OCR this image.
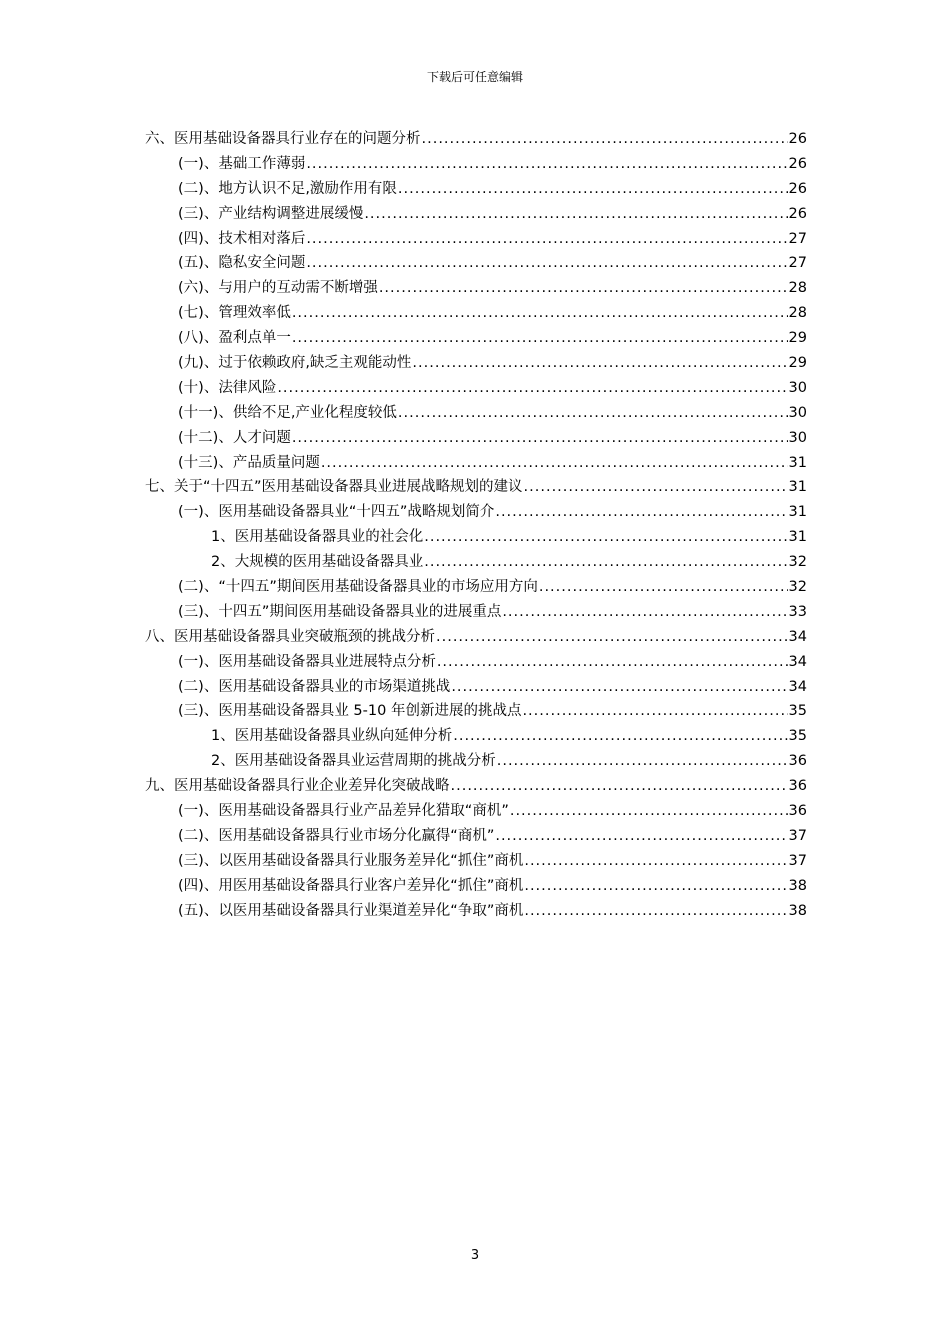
下载后可任意编辑
六、医用基础设备器具行业存在的问题分析 .....	26
(一)、基础工作薄弱 .....	26
(二)、地方认识不足,激励作用有限 .....	26
(三)、产业结构调整进展缓慢 .....	26
(四)、技术相对落后 .....	27
(五)、隐私安全问题 .....	27
(六)、与用户的互动需不断增强 .....	28
(七)、管理效率低 .....	28
(八)、盈利点单一 .....	29
(九)、过于依赖政府,缺乏主观能动性 .....	29
(十)、法律风险 .....	30
(十一)、供给不足,产业化程度较低 .....	30
(十二)、人才问题 .....	30
(十三)、产品质量问题 .....	31
七、关于“十四五”医用基础设备器具业进展战略规划的建议 .....	31
(一)、医用基础设备器具业“十四五”战略规划简介 .....	31
1、医用基础设备器具业的社会化 .....	31
2、大规模的医用基础设备器具业 .....	32
(二)、“十四五”期间医用基础设备器具业的市场应用方向 .....	32
(三)、十四五”期间医用基础设备器具业的进展重点 .....	33
八、医用基础设备器具业突破瓶颈的挑战分析 .....	34
(一)、医用基础设备器具业进展特点分析 .....	34
(二)、医用基础设备器具业的市场渠道挑战 .....	34
(三)、医用基础设备器具业 5-10 年创新进展的挑战点 .....	35
1、医用基础设备器具业纵向延伸分析 .....	35
2、医用基础设备器具业运营周期的挑战分析 .....	36
九、医用基础设备器具行业企业差异化突破战略 .....	36
(一)、医用基础设备器具行业产品差异化猎取“商机” .....	36
(二)、医用基础设备器具行业市场分化赢得“商机” .....	37
(三)、以医用基础设备器具行业服务差异化“抓住”商机 .....	37
(四)、用医用基础设备器具行业客户差异化“抓住”商机 .....	38
(五)、以医用基础设备器具行业渠道差异化“争取”商机 .....	38
3
